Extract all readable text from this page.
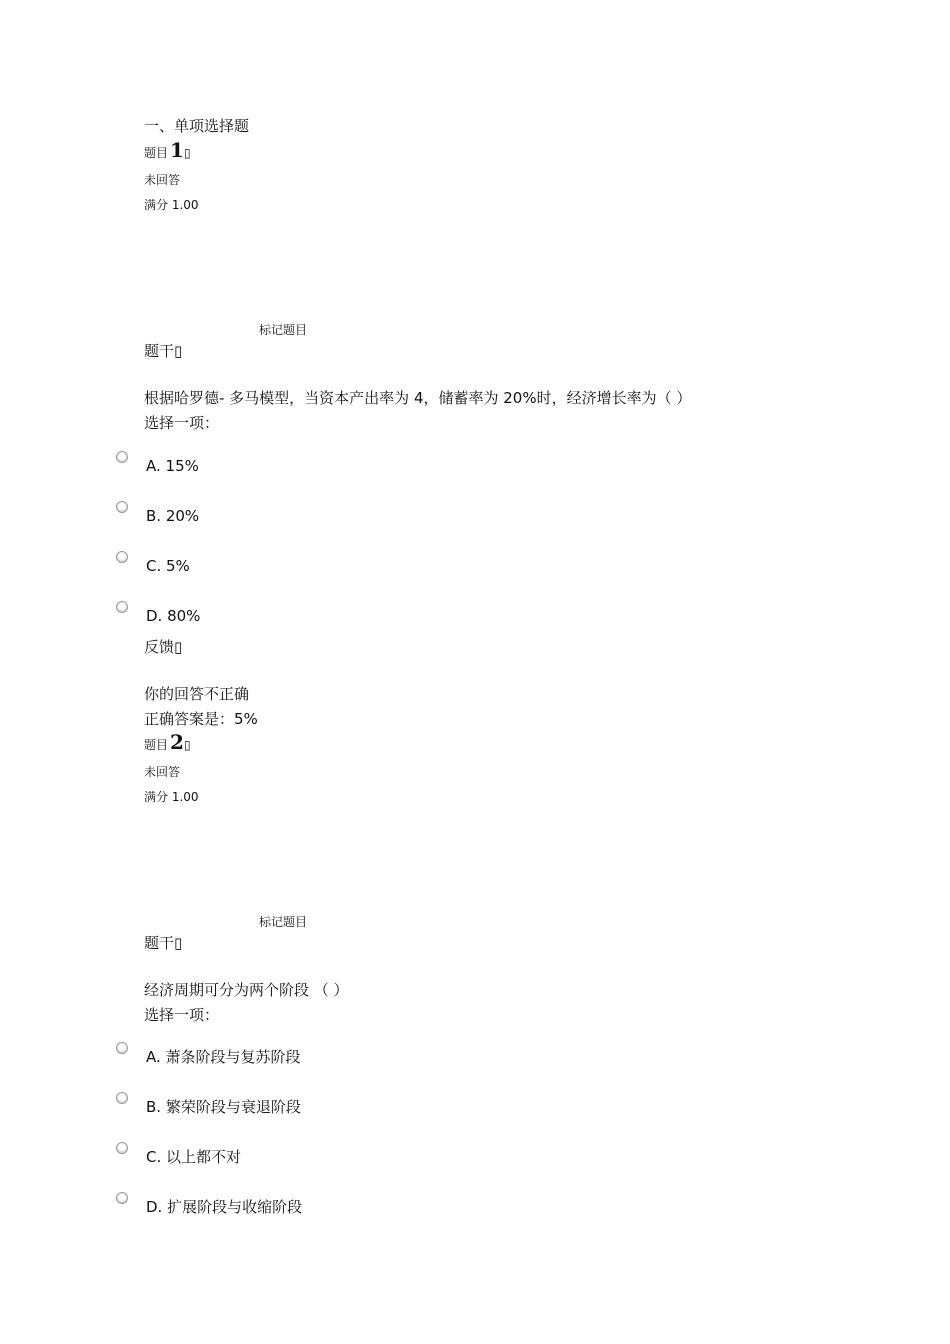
一、单项选择题
题目 1▯
未回答
满分 1.00
标记题目
题干▯
根据哈罗德- 多马模型，当资本产出率为 4，储蓄率为 20%时，经济增长率为（ ）
选择一项：
A. 15%
B. 20%
C. 5%
D. 80%
反馈▯
你的回答不正确
正确答案是：5%
题目 2▯
未回答
满分 1.00
标记题目
题干▯
经济周期可分为两个阶段 （ ）
选择一项：
A. 萧条阶段与复苏阶段
B. 繁荣阶段与衰退阶段
C. 以上都不对
D. 扩展阶段与收缩阶段
